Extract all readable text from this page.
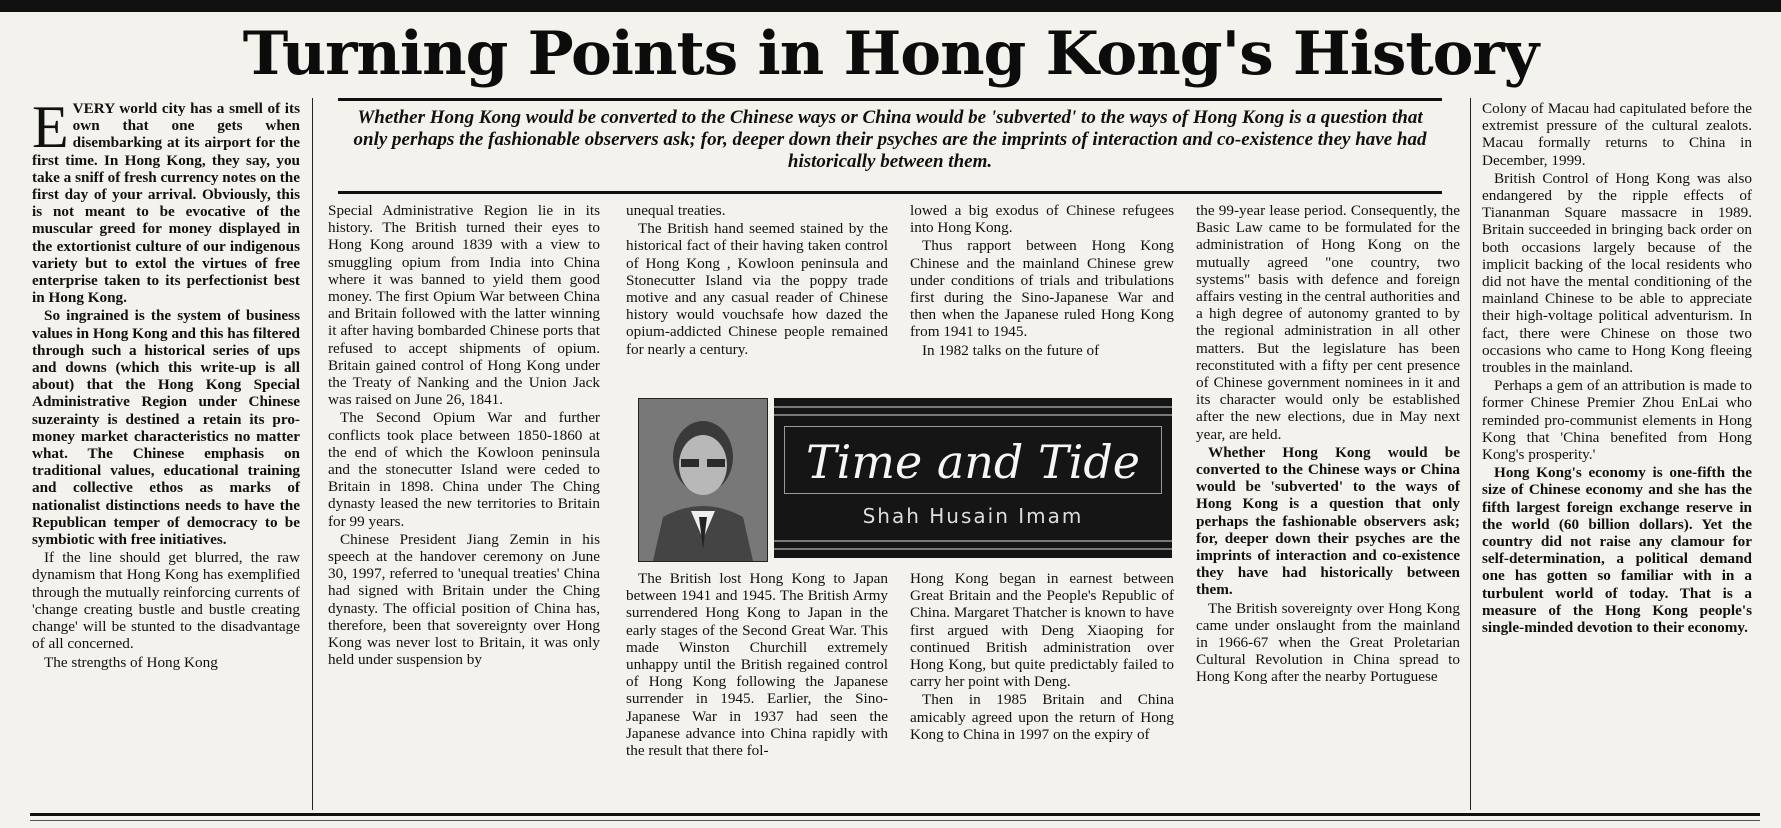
Turning Points in Hong Kong's History

EVERY world city has a smell of its own that one gets when disembarking at its airport for the first time. In Hong Kong, they say, you take a sniff of fresh currency notes on the first day of your arrival. Obviously, this is not meant to be evocative of the muscular greed for money displayed in the extortionist culture of our indigenous variety but to extol the virtues of free enterprise taken to its perfectionist best in Hong Kong.

So ingrained is the system of business values in Hong Kong and this has filtered through such a historical series of ups and downs (which this write-up is all about) that the Hong Kong Special Administrative Region under Chinese suzerainty is destined a retain its pro-money market characteristics no matter what. The Chinese emphasis on traditional values, educational training and collective ethos as marks of nationalist distinctions needs to have the Republican temper of democracy to be symbiotic with free initiatives.

If the line should get blurred, the raw dynamism that Hong Kong has exemplified through the mutually reinforcing currents of 'change creating bustle and bustle creating change' will be stunted to the disadvantage of all concerned.

The strengths of Hong Kong

Whether Hong Kong would be converted to the Chinese ways or China would be 'subverted' to the ways of Hong Kong is a question that only perhaps the fashionable observers ask; for, deeper down their psyches are the imprints of interaction and co-existence they have had historically between them.

Special Administrative Region lie in its history. The British turned their eyes to Hong Kong around 1839 with a view to smuggling opium from India into China where it was banned to yield them good money. The first Opium War between China and Britain followed with the latter winning it after having bombarded Chinese ports that refused to accept shipments of opium. Britain gained control of Hong Kong under the Treaty of Nanking and the Union Jack was raised on June 26, 1841.

The Second Opium War and further conflicts took place between 1850-1860 at the end of which the Kowloon peninsula and the stonecutter Island were ceded to Britain in 1898. China under The Ching dynasty leased the new territories to Britain for 99 years.

Chinese President Jiang Zemin in his speech at the handover ceremony on June 30, 1997, referred to 'unequal treaties' China had signed with Britain under the Ching dynasty. The official position of China has, therefore, been that sovereignty over Hong Kong was never lost to Britain, it was only held under suspension by

unequal treaties.

The British hand seemed stained by the historical fact of their having taken control of Hong Kong , Kowloon peninsula and Stonecutter Island via the poppy trade motive and any casual reader of Chinese history would vouchsafe how dazed the opium-addicted Chinese people remained for nearly a century.

lowed a big exodus of Chinese refugees into Hong Kong.

Thus rapport between Hong Kong Chinese and the mainland Chinese grew under conditions of trials and tribulations first during the Sino-Japanese War and then when the Japanese ruled Hong Kong from 1941 to 1945.

In 1982 talks on the future of

Time and Tide
Shah Husain Imam

The British lost Hong Kong to Japan between 1941 and 1945. The British Army surrendered Hong Kong to Japan in the early stages of the Second Great War. This made Winston Churchill extremely unhappy until the British regained control of Hong Kong following the Japanese surrender in 1945. Earlier, the Sino-Japanese War in 1937 had seen the Japanese advance into China rapidly with the result that there fol-

Hong Kong began in earnest between Great Britain and the People's Republic of China. Margaret Thatcher is known to have first argued with Deng Xiaoping for continued British administration over Hong Kong, but quite predictably failed to carry her point with Deng.

Then in 1985 Britain and China amicably agreed upon the return of Hong Kong to China in 1997 on the expiry of

the 99-year lease period. Consequently, the Basic Law came to be formulated for the administration of Hong Kong on the mutually agreed "one country, two systems" basis with defence and foreign affairs vesting in the central authorities and a high degree of autonomy granted to by the regional administration in all other matters. But the legislature has been reconstituted with a fifty per cent presence of Chinese government nominees in it and its character would only be established after the new elections, due in May next year, are held.

Whether Hong Kong would be converted to the Chinese ways or China would be 'subverted' to the ways of Hong Kong is a question that only perhaps the fashionable observers ask; for, deeper down their psyches are the imprints of interaction and co-existence they have had historically between them.

The British sovereignty over Hong Kong came under onslaught from the mainland in 1966-67 when the Great Proletarian Cultural Revolution in China spread to Hong Kong after the nearby Portuguese

Colony of Macau had capitulated before the extremist pressure of the cultural zealots. Macau formally returns to China in December, 1999.

British Control of Hong Kong was also endangered by the ripple effects of Tiananman Square massacre in 1989. Britain succeeded in bringing back order on both occasions largely because of the implicit backing of the local residents who did not have the mental conditioning of the mainland Chinese to be able to appreciate their high-voltage political adventurism. In fact, there were Chinese on those two occasions who came to Hong Kong fleeing troubles in the mainland.

Perhaps a gem of an attribution is made to former Chinese Premier Zhou EnLai who reminded pro-communist elements in Hong Kong that 'China benefited from Hong Kong's prosperity.'

Hong Kong's economy is one-fifth the size of Chinese economy and she has the fifth largest foreign exchange reserve in the world (60 billion dollars). Yet the country did not raise any clamour for self-determination, a political demand one has gotten so familiar with in a turbulent world of today. That is a measure of the Hong Kong people's single-minded devotion to their economy.
